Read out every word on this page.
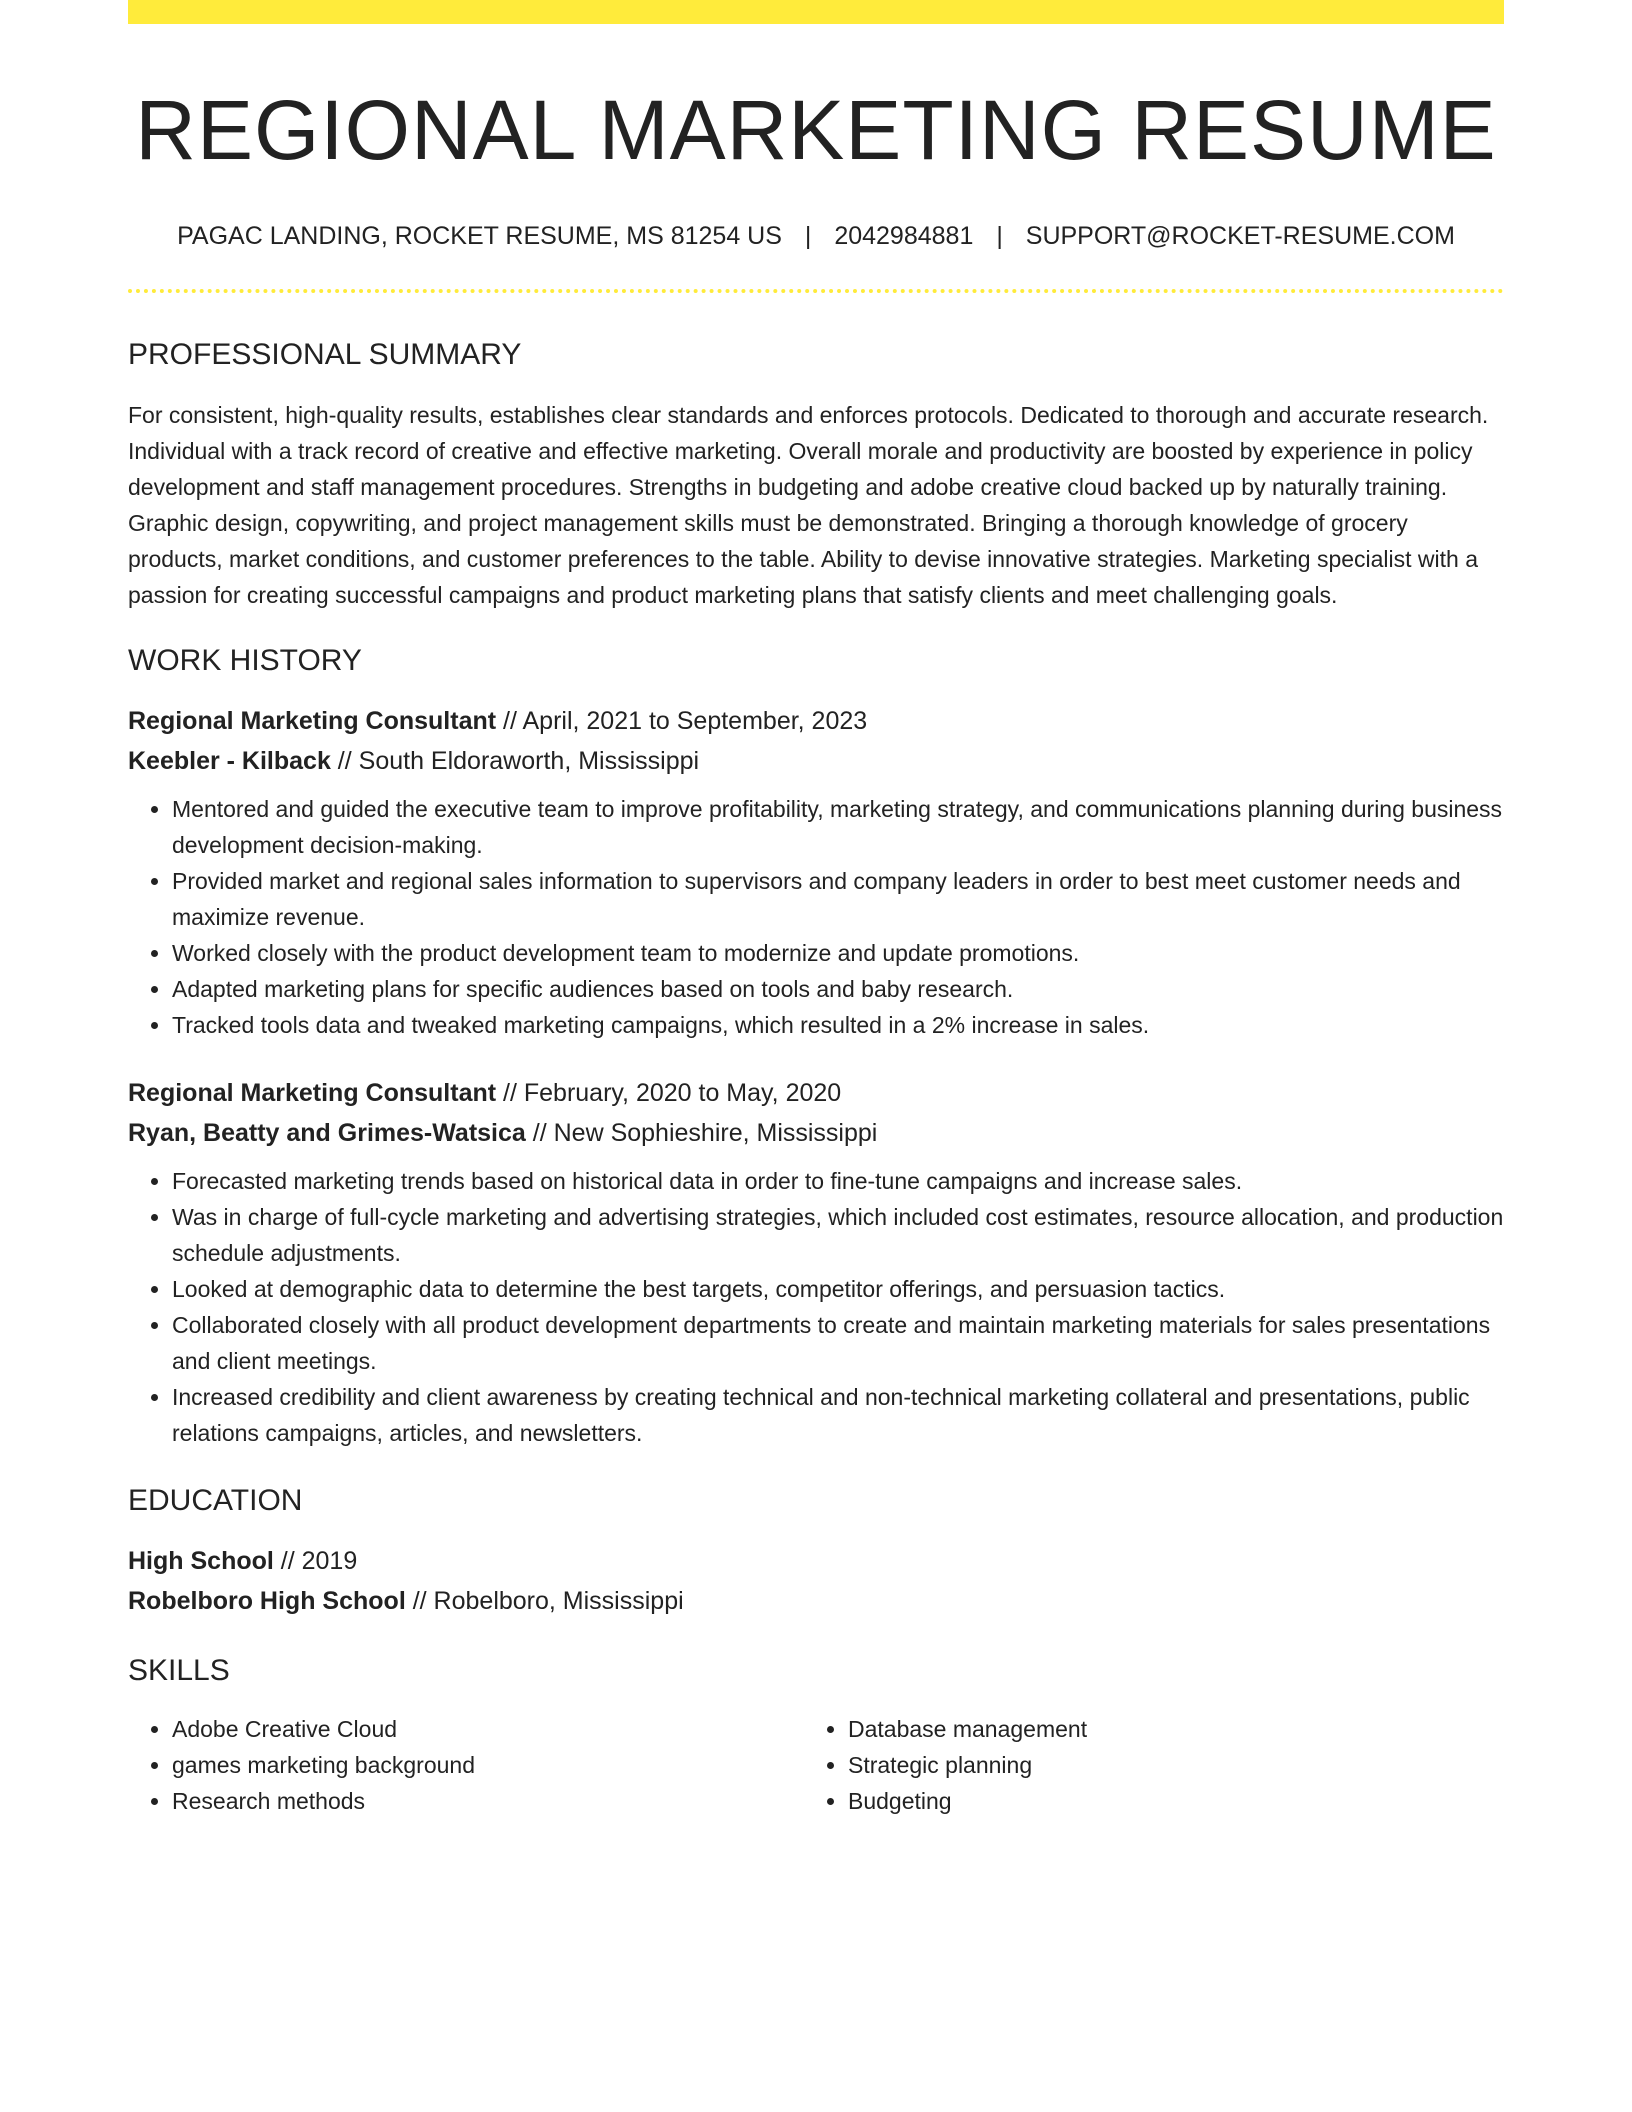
REGIONAL MARKETING RESUME
PAGAC LANDING, ROCKET RESUME, MS 81254 US | 2042984881 | SUPPORT@ROCKET-RESUME.COM
PROFESSIONAL SUMMARY

For consistent, high-quality results, establishes clear standards and enforces protocols. Dedicated to thorough and accurate research. Individual with a track record of creative and effective marketing. Overall morale and productivity are boosted by experience in policy development and staff management procedures. Strengths in budgeting and adobe creative cloud backed up by naturally training. Graphic design, copywriting, and project management skills must be demonstrated. Bringing a thorough knowledge of grocery products, market conditions, and customer preferences to the table. Ability to devise innovative strategies. Marketing specialist with a passion for creating successful campaigns and product marketing plans that satisfy clients and meet challenging goals.

WORK HISTORY
Regional Marketing Consultant // April, 2021 to September, 2023
Keebler - Kilback // South Eldoraworth, Mississippi
• Mentored and guided the executive team to improve profitability, marketing strategy, and communications planning during business development decision-making.
• Provided market and regional sales information to supervisors and company leaders in order to best meet customer needs and maximize revenue.
• Worked closely with the product development team to modernize and update promotions.
• Adapted marketing plans for specific audiences based on tools and baby research.
• Tracked tools data and tweaked marketing campaigns, which resulted in a 2% increase in sales.
Regional Marketing Consultant // February, 2020 to May, 2020
Ryan, Beatty and Grimes-Watsica // New Sophieshire, Mississippi
• Forecasted marketing trends based on historical data in order to fine-tune campaigns and increase sales.
• Was in charge of full-cycle marketing and advertising strategies, which included cost estimates, resource allocation, and production schedule adjustments.
• Looked at demographic data to determine the best targets, competitor offerings, and persuasion tactics.
• Collaborated closely with all product development departments to create and maintain marketing materials for sales presentations and client meetings.
• Increased credibility and client awareness by creating technical and non-technical marketing collateral and presentations, public relations campaigns, articles, and newsletters.
EDUCATION
High School // 2019
Robelboro High School // Robelboro, Mississippi
SKILLS
• Adobe Creative Cloud
• games marketing background
• Research methods
• Database management
• Strategic planning
• Budgeting
